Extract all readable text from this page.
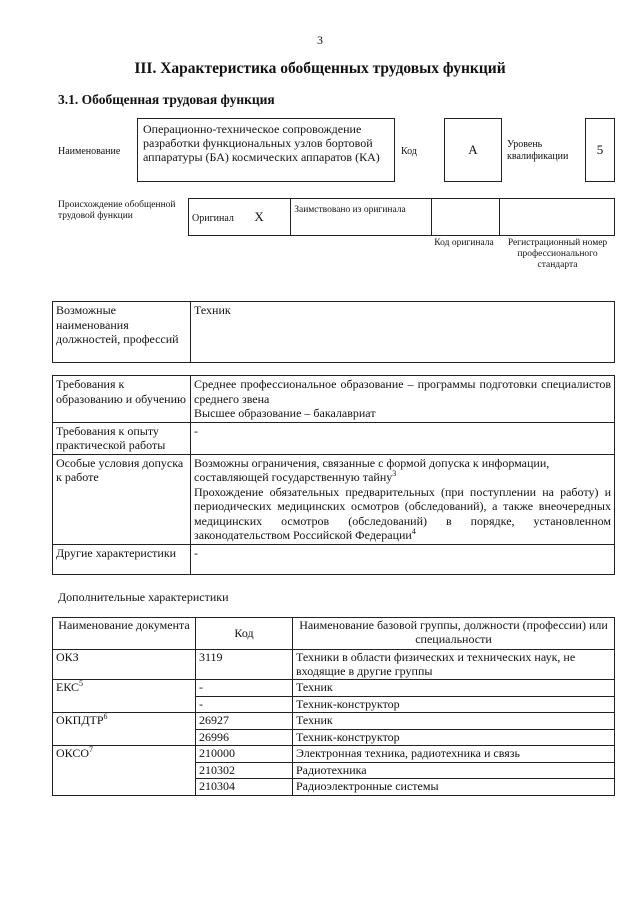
3
III. Характеристика обобщенных трудовых функций
3.1. Обобщенная трудовая функция
Наименование
Операционно-техническое сопровождение разработки функциональных узлов бортовой аппаратуры (БА) космических аппаратов (КА)	Код	A	Уровень квалификации	5
Происхождение обобщенной трудовой функции	Оригинал X	Заимствовано из оригинала		
Код оригинала	Регистрационный номер профессионального стандарта
Возможные наименования должностей, профессий	Техник
Требования к образованию и обучению	Среднее профессиональное образование – программы подготовки специалистов среднего звена
Высшее образование – бакалавриат

Требования к опыту практической работы	-
Особые условия допуска к работе	Возможны ограничения, связанные с формой допуска к информации, составляющей государственную тайну$^3$
Прохождение обязательных предварительных (при поступлении на работу) и периодических медицинских осмотров (обследований), а также внеочередных медицинских осмотров (обследований) в порядке, установленном законодательством Российской Федерации$^4$

Другие характеристики	-
Дополнительные характеристики
Наименование документа	Код	Наименование базовой группы, должности (профессии) или специальности
ОКЗ	3119	Техники в области физических и технических наук, не входящие в другие группы
ЕКС$^5$	-	Техник
	-	Техник-конструктор
ОКПДТР$^6$	26927	Техник
	26996	Техник-конструктор
ОКСО$^7$	210000	Электронная техника, радиотехника и связь
	210302	Радиотехника
	210304	Радиоэлектронные системы
